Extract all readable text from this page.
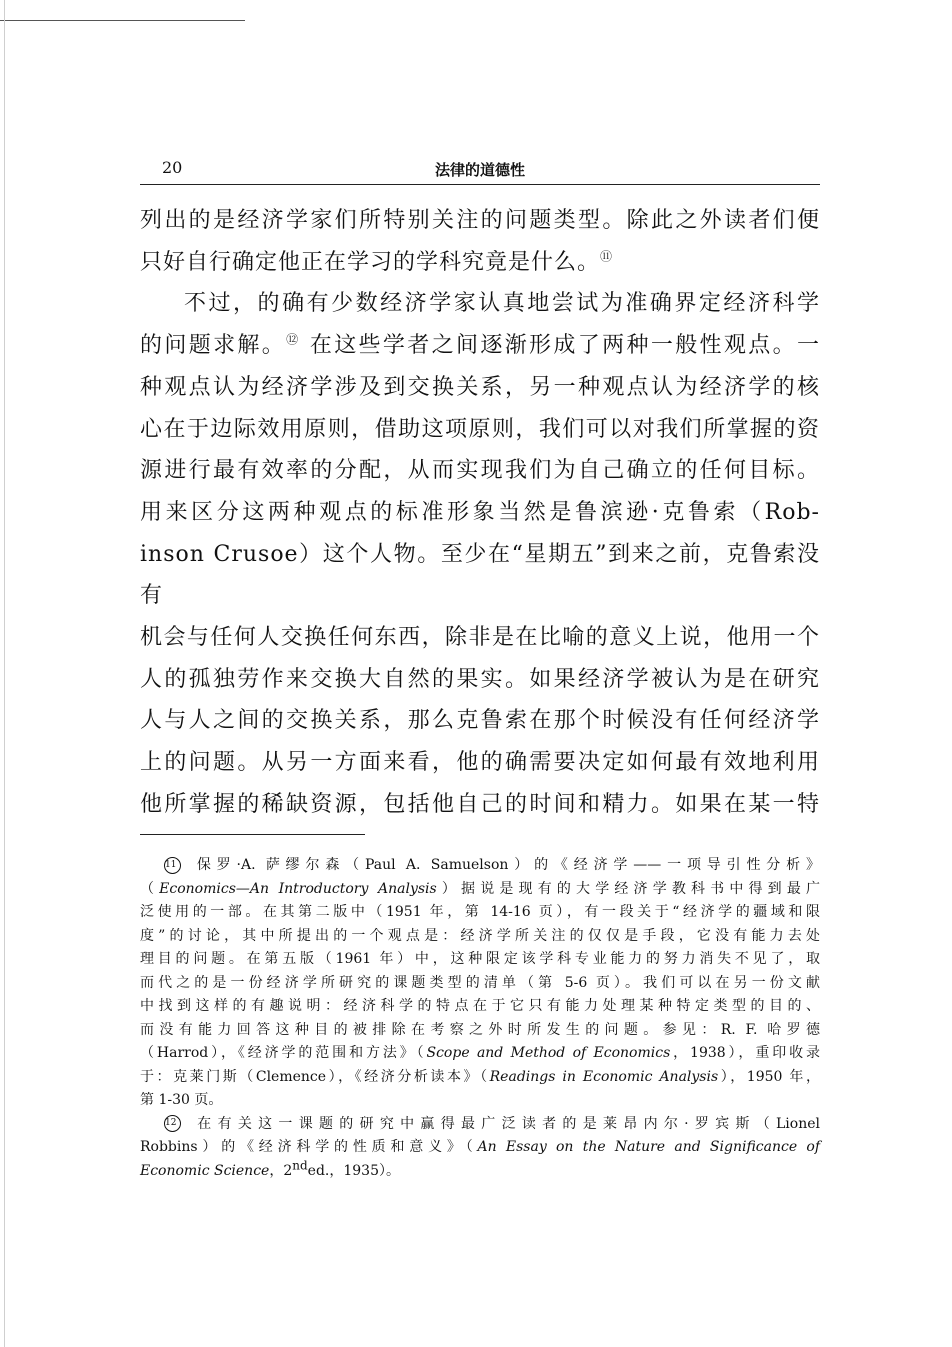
20	法律的道德性

列出的是经济学家们所特别关注的问题类型。除此之外读者们便

只好自行确定他正在学习的学科究竟是什么。⑪

不过，的确有少数经济学家认真地尝试为准确界定经济科学

的问题求解。⑫ 在这些学者之间逐渐形成了两种一般性观点。一

种观点认为经济学涉及到交换关系，另一种观点认为经济学的核

心在于边际效用原则，借助这项原则，我们可以对我们所掌握的资

源进行最有效率的分配，从而实现我们为自己确立的任何目标。

用来区分这两种观点的标准形象当然是鲁滨逊·克鲁索（Rob-

inson Crusoe）这个人物。至少在“星期五”到来之前，克鲁索没有

机会与任何人交换任何东西，除非是在比喻的意义上说，他用一个

人的孤独劳作来交换大自然的果实。如果经济学被认为是在研究

人与人之间的交换关系，那么克鲁索在那个时候没有任何经济学

上的问题。从另一方面来看，他的确需要决定如何最有效地利用

他所掌握的稀缺资源，包括他自己的时间和精力。如果在某一特

11 保罗·A. 萨缪尔森（Paul A. Samuelson）的《经济学——一项导引性分析》

（Economics—An Introductory Analysis）据说是现有的大学经济学教科书中得到最广

泛使用的一部。在其第二版中（1951 年，第 14-16 页），有一段关于“经济学的疆域和限

度”的讨论，其中所提出的一个观点是：经济学所关注的仅仅是手段，它没有能力去处

理目的问题。在第五版（1961 年）中，这种限定该学科专业能力的努力消失不见了，取

而代之的是一份经济学所研究的课题类型的清单（第 5-6 页）。我们可以在另一份文献

中找到这样的有趣说明：经济科学的特点在于它只有能力处理某种特定类型的目的、

而没有能力回答这种目的被排除在考察之外时所发生的问题。参见：R. F. 哈罗德

（Harrod），《经济学的范围和方法》（Scope and Method of Economics，1938），重印收录

于：克莱门斯（Clemence），《经济分析读本》（Readings in Economic Analysis），1950 年，

第 1-30 页。

12 在有关这一课题的研究中赢得最广泛读者的是莱昂内尔·罗宾斯（Lionel

Robbins）的《经济科学的性质和意义》（An Essay on the Nature and Significance of

Economic Science，2nded.，1935）。
